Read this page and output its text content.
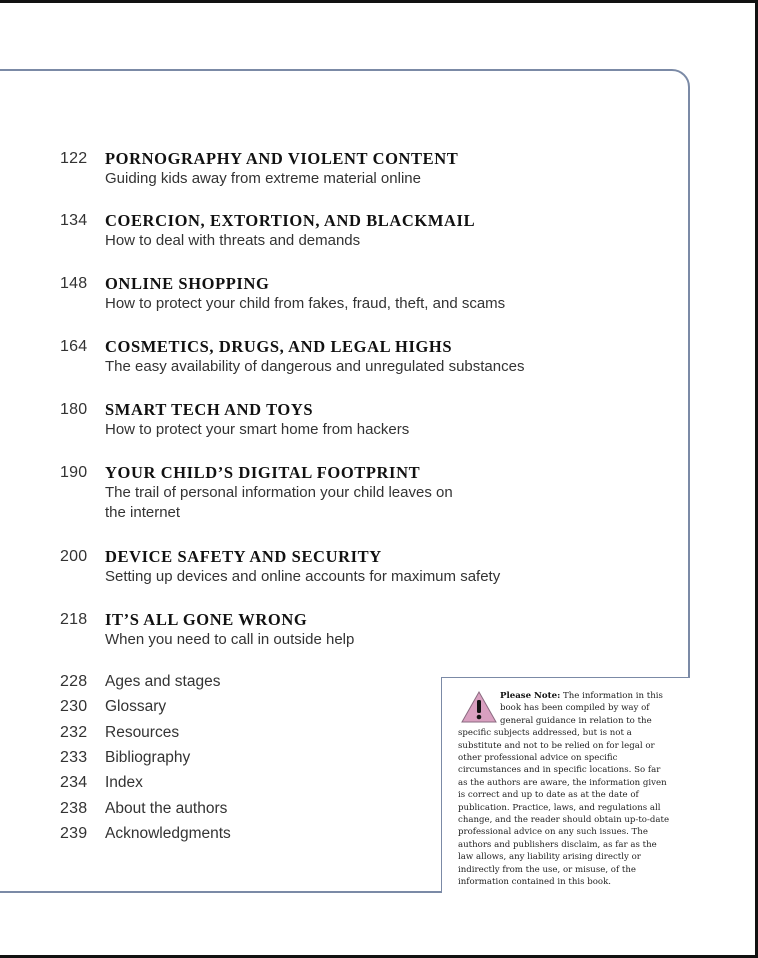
122	PORNOGRAPHY AND VIOLENT CONTENT
Guiding kids away from extreme material online
134	COERCION, EXTORTION, AND BLACKMAIL
How to deal with threats and demands
148	ONLINE SHOPPING
How to protect your child from fakes, fraud, theft, and scams
164	COSMETICS, DRUGS, AND LEGAL HIGHS
The easy availability of dangerous and unregulated substances
180	SMART TECH AND TOYS
How to protect your smart home from hackers
190	YOUR CHILD’S DIGITAL FOOTPRINT
The trail of personal information your child leaves on the internet
200	DEVICE SAFETY AND SECURITY
Setting up devices and online accounts for maximum safety
218	IT’S ALL GONE WRONG
When you need to call in outside help
228	Ages and stages
230	Glossary
232	Resources
233	Bibliography
234	Index
238	About the authors
239	Acknowledgments
Please Note: The information in this book has been compiled by way of general guidance in relation to the specific subjects addressed, but is not a substitute and not to be relied on for legal or other professional advice on specific circumstances and in specific locations. So far as the authors are aware, the information given is correct and up to date as at the date of publication. Practice, laws, and regulations all change, and the reader should obtain up-to-date professional advice on any such issues. The authors and publishers disclaim, as far as the law allows, any liability arising directly or indirectly from the use, or misuse, of the information contained in this book.
